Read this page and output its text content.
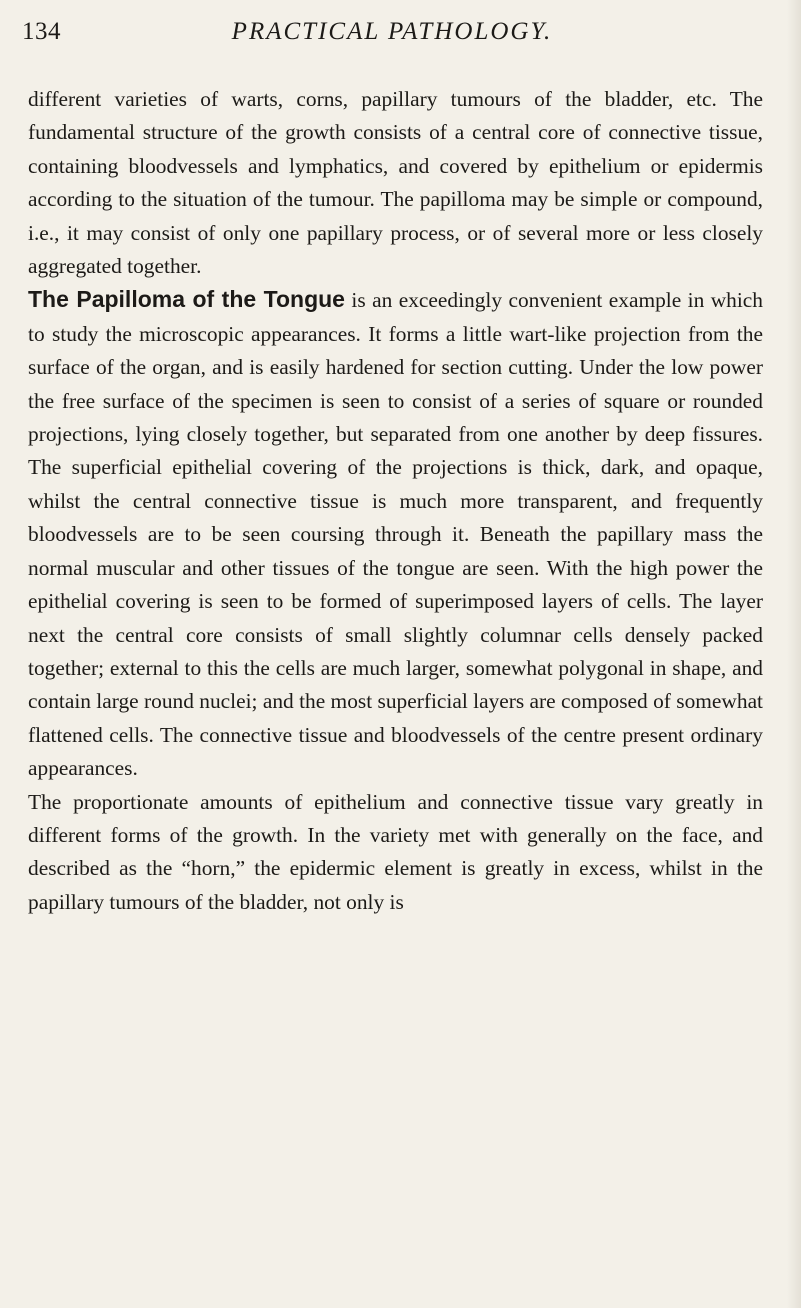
134	PRACTICAL PATHOLOGY.

different varieties of warts, corns, papillary tumours of the bladder, etc. The fundamental structure of the growth consists of a central core of connective tissue, containing bloodvessels and lymphatics, and covered by epithelium or epidermis according to the situation of the tumour. The papilloma may be simple or compound, i.e., it may consist of only one papillary process, or of several more or less closely aggregated together.

The Papilloma of the Tongue is an exceedingly convenient example in which to study the microscopic appearances. It forms a little wart-like projection from the surface of the organ, and is easily hardened for section cutting. Under the low power the free surface of the specimen is seen to consist of a series of square or rounded projections, lying closely together, but separated from one another by deep fissures. The superficial epithelial covering of the projections is thick, dark, and opaque, whilst the central connective tissue is much more transparent, and frequently bloodvessels are to be seen coursing through it. Beneath the papillary mass the normal muscular and other tissues of the tongue are seen. With the high power the epithelial covering is seen to be formed of superimposed layers of cells. The layer next the central core consists of small slightly columnar cells densely packed together; external to this the cells are much larger, somewhat polygonal in shape, and contain large round nuclei; and the most superficial layers are composed of somewhat flattened cells. The connective tissue and bloodvessels of the centre present ordinary appearances.

The proportionate amounts of epithelium and connective tissue vary greatly in different forms of the growth. In the variety met with generally on the face, and described as the “horn,” the epidermic element is greatly in excess, whilst in the papillary tumours of the bladder, not only is
